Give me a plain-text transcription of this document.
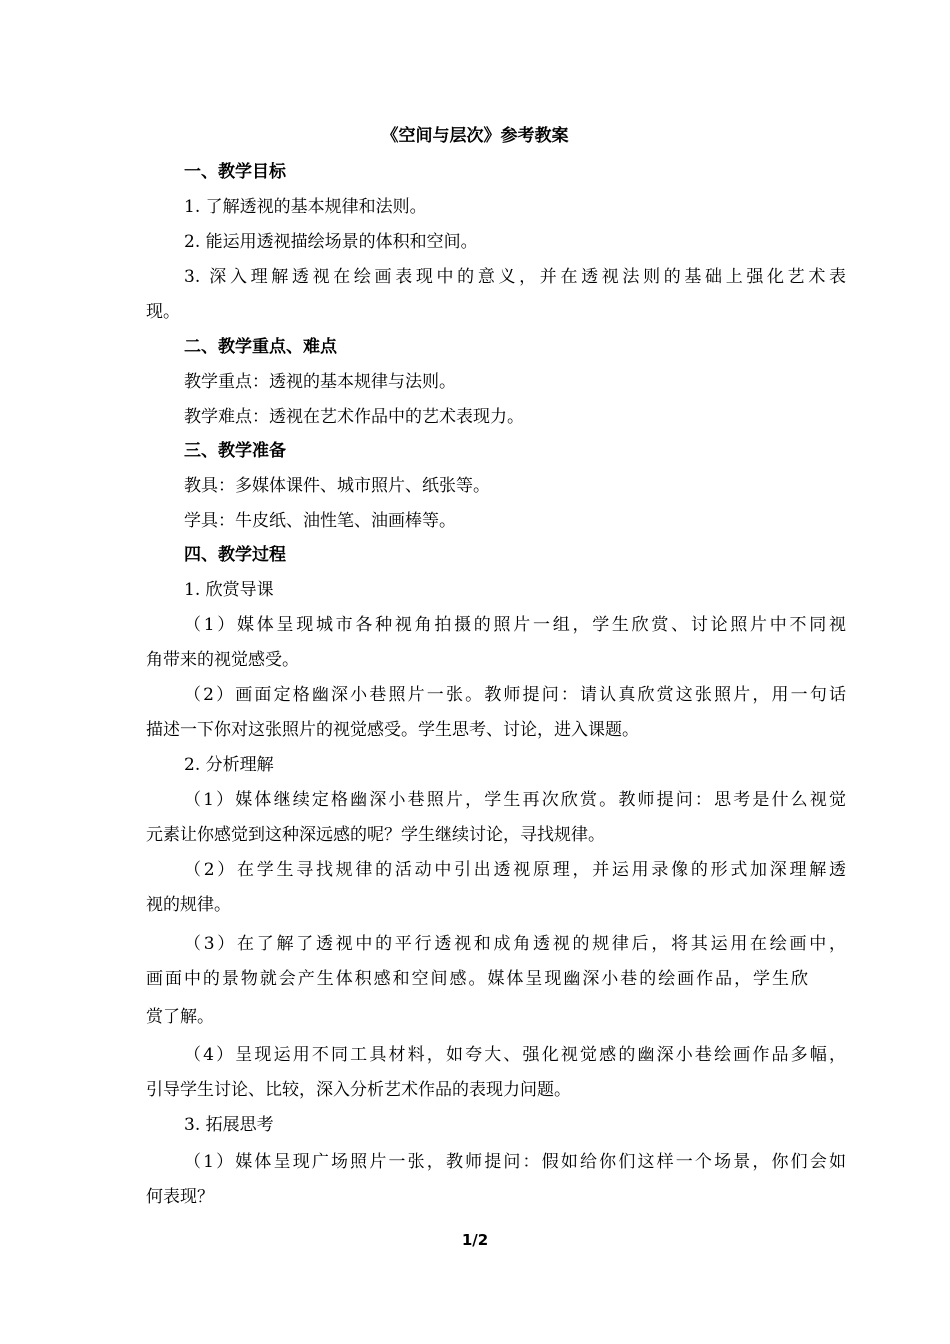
《空间与层次》参考教案
一、教学目标
1. 了解透视的基本规律和法则。
2. 能运用透视描绘场景的体积和空间。
3. 深入理解透视在绘画表现中的意义，并在透视法则的基础上强化艺术表
现。
二、教学重点、难点
教学重点：透视的基本规律与法则。
教学难点：透视在艺术作品中的艺术表现力。
三、教学准备
教具：多媒体课件、城市照片、纸张等。
学具：牛皮纸、油性笔、油画棒等。
四、教学过程
1. 欣赏导课
（1）媒体呈现城市各种视角拍摄的照片一组，学生欣赏、讨论照片中不同视
角带来的视觉感受。
（2）画面定格幽深小巷照片一张。教师提问：请认真欣赏这张照片，用一句话
描述一下你对这张照片的视觉感受。学生思考、讨论，进入课题。
2. 分析理解
（1）媒体继续定格幽深小巷照片，学生再次欣赏。教师提问：思考是什么视觉
元素让你感觉到这种深远感的呢？学生继续讨论，寻找规律。
（2）在学生寻找规律的活动中引出透视原理，并运用录像的形式加深理解透
视的规律。
（3）在了解了透视中的平行透视和成角透视的规律后，将其运用在绘画中，
画面中的景物就会产生体积感和空间感。媒体呈现幽深小巷的绘画作品，学生欣
赏了解。
（4）呈现运用不同工具材料，如夸大、强化视觉感的幽深小巷绘画作品多幅，
引导学生讨论、比较，深入分析艺术作品的表现力问题。
3. 拓展思考
（1）媒体呈现广场照片一张，教师提问：假如给你们这样一个场景，你们会如
何表现？
1/2
